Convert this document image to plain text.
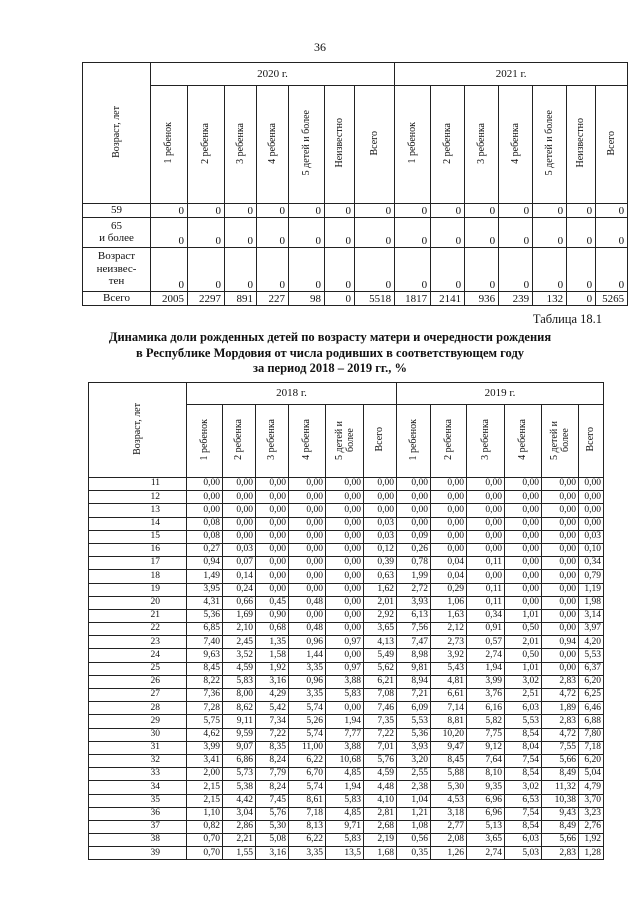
36
Возраст, лет	2020 г.							2021 г.						
	1 ребенок	2 ребенка	3 ребенка	4 ребенка	5 детей и более	Неизвестно	Всего	1 ребенок	2 ребенка	3 ребенка	4 ребенка	5 детей и более	Неизвестно	Всего

59	0	0	0	0	0	0	0	0	0	0	0	0	0	0

65
и более	0	0	0	0	0	0	0	0	0	0	0	0	0	0

Возраст
неизвес-
тен	0	0	0	0	0	0	0	0	0	0	0	0	0	0

Всего	2005	2297	891	227	98	0	5518	1817	2141	936	239	132	0	5265
Таблица 18.1
Динамика доли рожденных детей по возрасту матери и очередности рождения
в Республике Мордовия от числа родивших в соответствующем году
за период 2018 – 2019 гг., %
Возраст, лет	2018 г.						2019 г.					
	1 ребенок	2 ребенка	3 ребенка	4 ребенка	5 детей и более	Всего	1 ребенок	2 ребенка	3 ребенка	4 ребенка	5 детей и более	Всего
11	0,00	0,00	0,00	0,00	0,00	0,00	0,00	0,00	0,00	0,00	0,00	0,00
12	0,00	0,00	0,00	0,00	0,00	0,00	0,00	0,00	0,00	0,00	0,00	0,00
13	0,00	0,00	0,00	0,00	0,00	0,00	0,00	0,00	0,00	0,00	0,00	0,00
14	0,08	0,00	0,00	0,00	0,00	0,03	0,00	0,00	0,00	0,00	0,00	0,00
15	0,08	0,00	0,00	0,00	0,00	0,03	0,09	0,00	0,00	0,00	0,00	0,03
16	0,27	0,03	0,00	0,00	0,00	0,12	0,26	0,00	0,00	0,00	0,00	0,10
17	0,94	0,07	0,00	0,00	0,00	0,39	0,78	0,04	0,11	0,00	0,00	0,34
18	1,49	0,14	0,00	0,00	0,00	0,63	1,99	0,04	0,00	0,00	0,00	0,79
19	3,95	0,24	0,00	0,00	0,00	1,62	2,72	0,29	0,11	0,00	0,00	1,19
20	4,31	0,66	0,45	0,48	0,00	2,01	3,93	1,06	0,11	0,00	0,00	1,98
21	5,36	1,69	0,90	0,00	0,00	2,92	6,13	1,63	0,34	1,01	0,00	3,14
22	6,85	2,10	0,68	0,48	0,00	3,65	7,56	2,12	0,91	0,50	0,00	3,97
23	7,40	2,45	1,35	0,96	0,97	4,13	7,47	2,73	0,57	2,01	0,94	4,20
24	9,63	3,52	1,58	1,44	0,00	5,49	8,98	3,92	2,74	0,50	0,00	5,53
25	8,45	4,59	1,92	3,35	0,97	5,62	9,81	5,43	1,94	1,01	0,00	6,37
26	8,22	5,83	3,16	0,96	3,88	6,21	8,94	4,81	3,99	3,02	2,83	6,20
27	7,36	8,00	4,29	3,35	5,83	7,08	7,21	6,61	3,76	2,51	4,72	6,25
28	7,28	8,62	5,42	5,74	0,00	7,46	6,09	7,14	6,16	6,03	1,89	6,46
29	5,75	9,11	7,34	5,26	1,94	7,35	5,53	8,81	5,82	5,53	2,83	6,88
30	4,62	9,59	7,22	5,74	7,77	7,22	5,36	10,20	7,75	8,54	4,72	7,80
31	3,99	9,07	8,35	11,00	3,88	7,01	3,93	9,47	9,12	8,04	7,55	7,18
32	3,41	6,86	8,24	6,22	10,68	5,76	3,20	8,45	7,64	7,54	5,66	6,20
33	2,00	5,73	7,79	6,70	4,85	4,59	2,55	5,88	8,10	8,54	8,49	5,04
34	2,15	5,38	8,24	5,74	1,94	4,48	2,38	5,30	9,35	3,02	11,32	4,79
35	2,15	4,42	7,45	8,61	5,83	4,10	1,04	4,53	6,96	6,53	10,38	3,70
36	1,10	3,04	5,76	7,18	4,85	2,81	1,21	3,18	6,96	7,54	9,43	3,23
37	0,82	2,86	5,30	8,13	9,71	2,68	1,08	2,77	5,13	8,54	8,49	2,76
38	0,70	2,21	5,08	6,22	5,83	2,19	0,56	2,08	3,65	6,03	5,66	1,92
39	0,70	1,55	3,16	3,35	13,5	1,68	0,35	1,26	2,74	5,03	2,83	1,28
